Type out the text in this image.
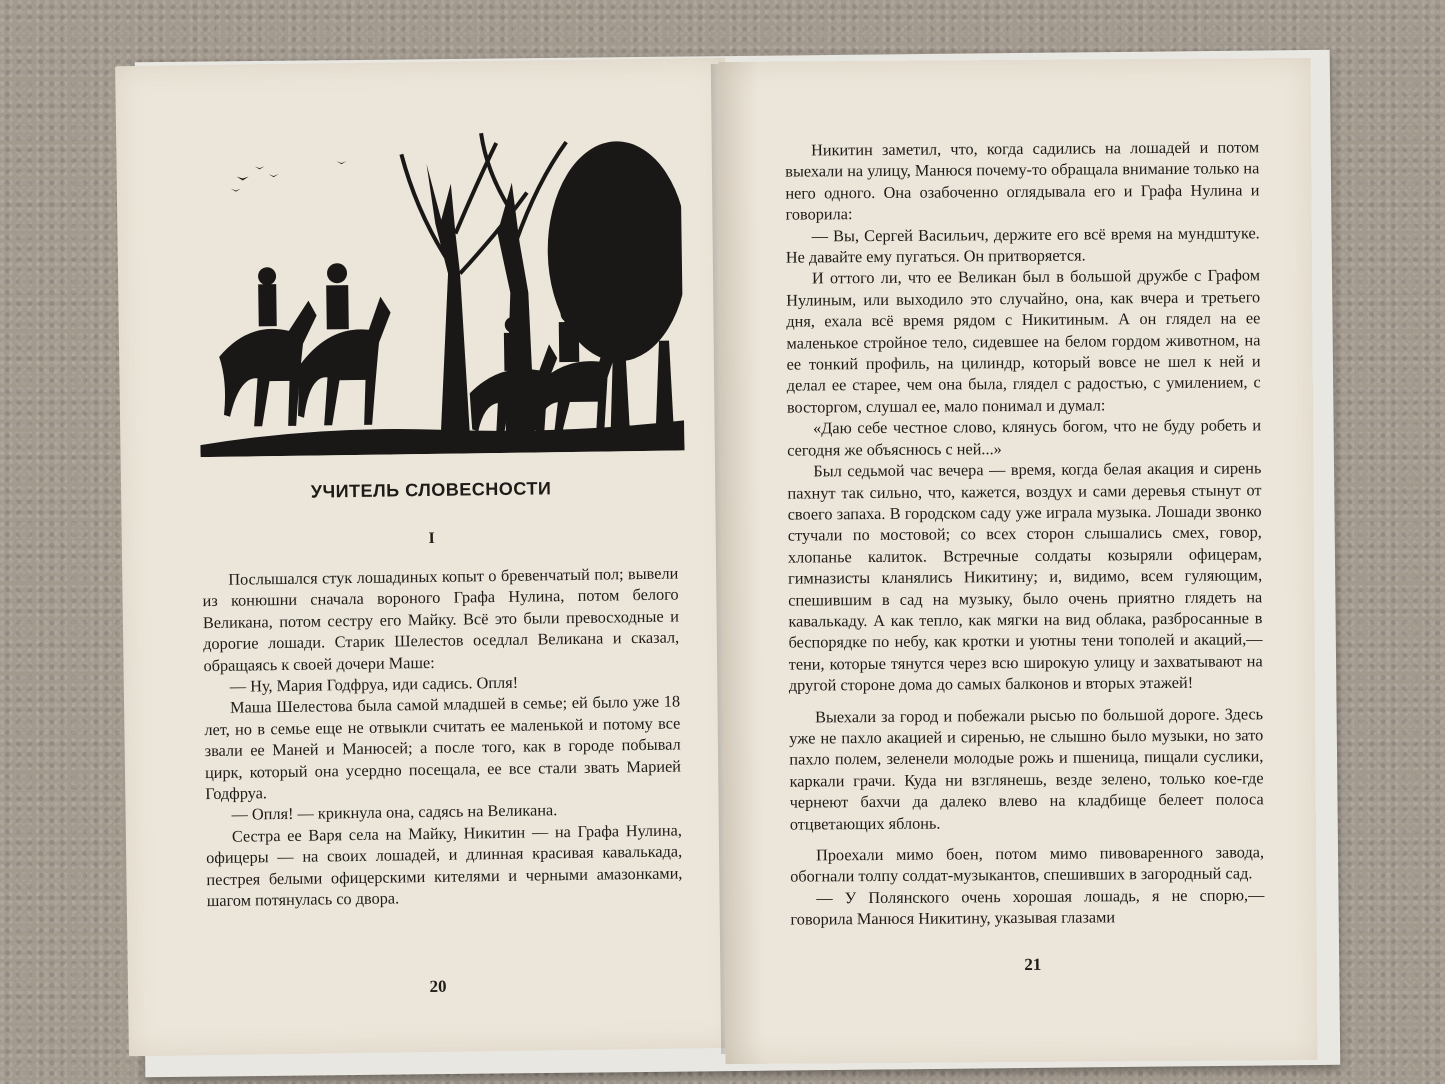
УЧИТЕЛЬ СЛОВЕСНОСТИ
I

Послышался стук лошадиных копыт о бревенчатый пол; вывели из конюшни сначала вороного Графа Нулина, потом белого Великана, потом сестру его Майку. Всё это были превосходные и дорогие лошади. Старик Шелестов оседлал Великана и сказал, обращаясь к своей дочери Маше:

— Ну, Мария Годфруа, иди садись. Опля!

Маша Шелестова была самой младшей в семье; ей было уже 18 лет, но в семье еще не отвыкли считать ее маленькой и потому все звали ее Маней и Манюсей; а после того, как в городе побывал цирк, который она усердно посещала, ее все стали звать Марией Годфруа.

— Опля! — крикнула она, садясь на Великана.

Сестра ее Варя села на Майку, Никитин — на Графа Нулина, офицеры — на своих лошадей, и длинная красивая кавалькада, пестрея белыми офицерскими кителями и черными амазонками, шагом потянулась со двора.

20

Никитин заметил, что, когда садились на лошадей и потом выехали на улицу, Манюся почему-то обращала внимание только на него одного. Она озабоченно оглядывала его и Графа Нулина и говорила:

— Вы, Сергей Васильич, держите его всё время на мундштуке. Не давайте ему пугаться. Он притворяется.

И оттого ли, что ее Великан был в большой дружбе с Графом Нулиным, или выходило это случайно, она, как вчера и третьего дня, ехала всё время рядом с Никитиным. А он глядел на ее маленькое стройное тело, сидевшее на белом гордом животном, на ее тонкий профиль, на цилиндр, который вовсе не шел к ней и делал ее старее, чем она была, глядел с радостью, с умилением, с восторгом, слушал ее, мало понимал и думал:

«Даю себе честное слово, клянусь богом, что не буду робеть и сегодня же объяснюсь с ней...»

Был седьмой час вечера — время, когда белая акация и сирень пахнут так сильно, что, кажется, воздух и сами деревья стынут от своего запаха. В городском саду уже играла музыка. Лошади звонко стучали по мостовой; со всех сторон слышались смех, говор, хлопанье калиток. Встречные солдаты козыряли офицерам, гимназисты кланялись Никитину; и, видимо, всем гуляющим, спешившим в сад на музыку, было очень приятно глядеть на кавалькаду. А как тепло, как мягки на вид облака, разбросанные в беспорядке по небу, как кротки и уютны тени тополей и акаций,— тени, которые тянутся через всю широкую улицу и захватывают на другой стороне дома до самых балконов и вторых этажей!

Выехали за город и побежали рысью по большой дороге. Здесь уже не пахло акацией и сиренью, не слышно было музыки, но зато пахло полем, зеленели молодые рожь и пшеница, пищали суслики, каркали грачи. Куда ни взглянешь, везде зелено, только кое-где чернеют бахчи да далеко влево на кладбище белеет полоса отцветающих яблонь.

Проехали мимо боен, потом мимо пивоваренного завода, обогнали толпу солдат-музыкантов, спешивших в загородный сад.

— У Полянского очень хорошая лошадь, я не спорю,— говорила Манюся Никитину, указывая глазами

21
